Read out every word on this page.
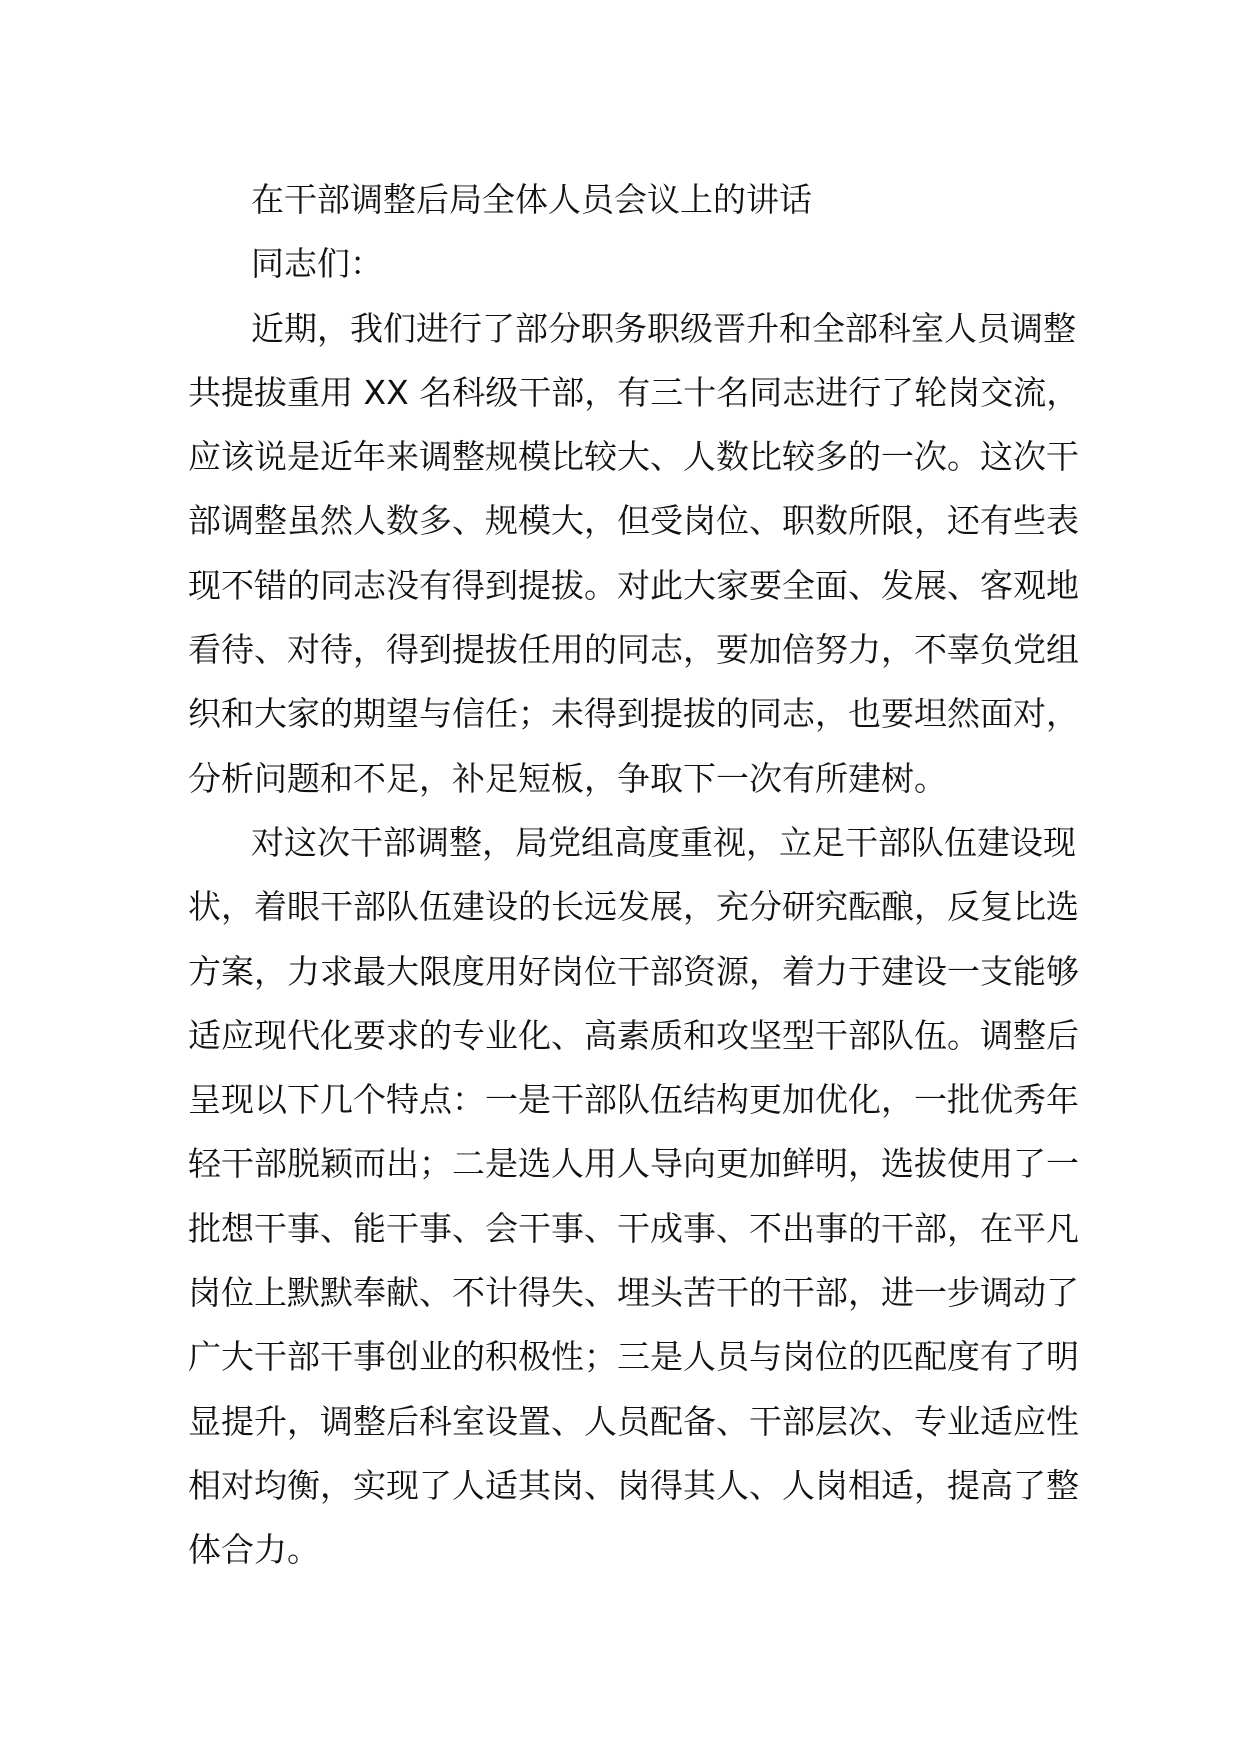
在干部调整后局全体人员会议上的讲话
同志们：
近期，我们进行了部分职务职级晋升和全部科室人员调整
共提拔重用 XX 名科级干部，有三十名同志进行了轮岗交流，
应该说是近年来调整规模比较大、人数比较多的一次。这次干
部调整虽然人数多、规模大，但受岗位、职数所限，还有些表
现不错的同志没有得到提拔。对此大家要全面、发展、客观地
看待、对待，得到提拔任用的同志，要加倍努力，不辜负党组
织和大家的期望与信任；未得到提拔的同志，也要坦然面对，
分析问题和不足，补足短板，争取下一次有所建树。
对这次干部调整，局党组高度重视，立足干部队伍建设现
状，着眼干部队伍建设的长远发展，充分研究酝酿，反复比选
方案，力求最大限度用好岗位干部资源，着力于建设一支能够
适应现代化要求的专业化、高素质和攻坚型干部队伍。调整后
呈现以下几个特点：一是干部队伍结构更加优化，一批优秀年
轻干部脱颖而出；二是选人用人导向更加鲜明，选拔使用了一
批想干事、能干事、会干事、干成事、不出事的干部，在平凡
岗位上默默奉献、不计得失、埋头苦干的干部，进一步调动了
广大干部干事创业的积极性；三是人员与岗位的匹配度有了明
显提升，调整后科室设置、人员配备、干部层次、专业适应性
相对均衡，实现了人适其岗、岗得其人、人岗相适，提高了整
体合力。
